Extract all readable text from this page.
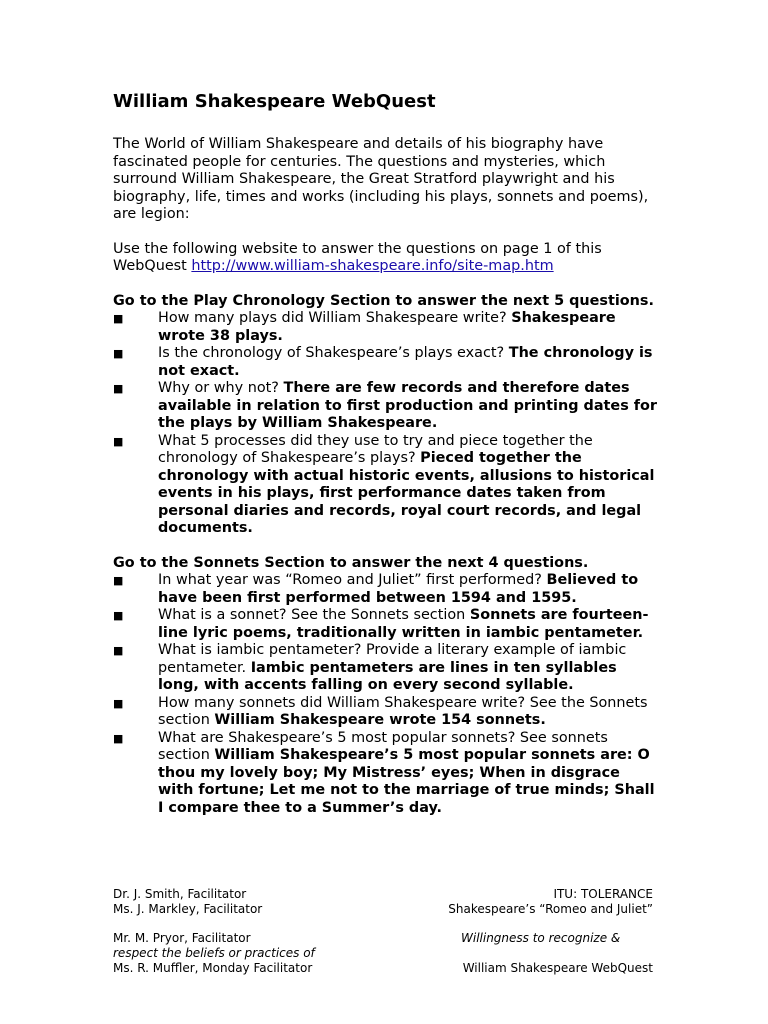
William Shakespeare WebQuest

The World of William Shakespeare and details of his biography have fascinated people for centuries. The questions and mysteries, which surround William Shakespeare, the Great Stratford playwright and his biography, life, times and works (including his plays, sonnets and poems), are legion:

Use the following website to answer the questions on page 1 of this WebQuest http://www.william-shakespeare.info/site-map.htm

Go to the Play Chronology Section to answer the next 5 questions.
■ How many plays did William Shakespeare write? Shakespeare wrote 38 plays.
■ Is the chronology of Shakespeare’s plays exact? The chronology is not exact.
■ Why or why not? There are few records and therefore dates available in relation to first production and printing dates for the plays by William Shakespeare.
■ What 5 processes did they use to try and piece together the chronology of Shakespeare’s plays? Pieced together the chronology with actual historic events, allusions to historical events in his plays, first performance dates taken from personal diaries and records, royal court records, and legal documents.
Go to the Sonnets Section to answer the next 4 questions.
■ In what year was “Romeo and Juliet” first performed? Believed to have been first performed between 1594 and 1595.
■ What is a sonnet? See the Sonnets section Sonnets are fourteen-line lyric poems, traditionally written in iambic pentameter.
■ What is iambic pentameter? Provide a literary example of iambic pentameter. Iambic pentameters are lines in ten syllables long, with accents falling on every second syllable.
■ How many sonnets did William Shakespeare write? See the Sonnets section William Shakespeare wrote 154 sonnets.
■ What are Shakespeare’s 5 most popular sonnets? See sonnets section William Shakespeare’s 5 most popular sonnets are: O thou my lovely boy; My Mistress’ eyes; When in disgrace with fortune; Let me not to the marriage of true minds; Shall I compare thee to a Summer’s day.
Dr. J. Smith, Facilitator	ITU: TOLERANCE
Ms. J. Markley, Facilitator	Shakespeare’s “Romeo and Juliet”
Mr. M. Pryor, Facilitator	Willingness to recognize &
respect the beliefs or practices of
Ms. R. Muffler, Monday Facilitator	William Shakespeare WebQuest
